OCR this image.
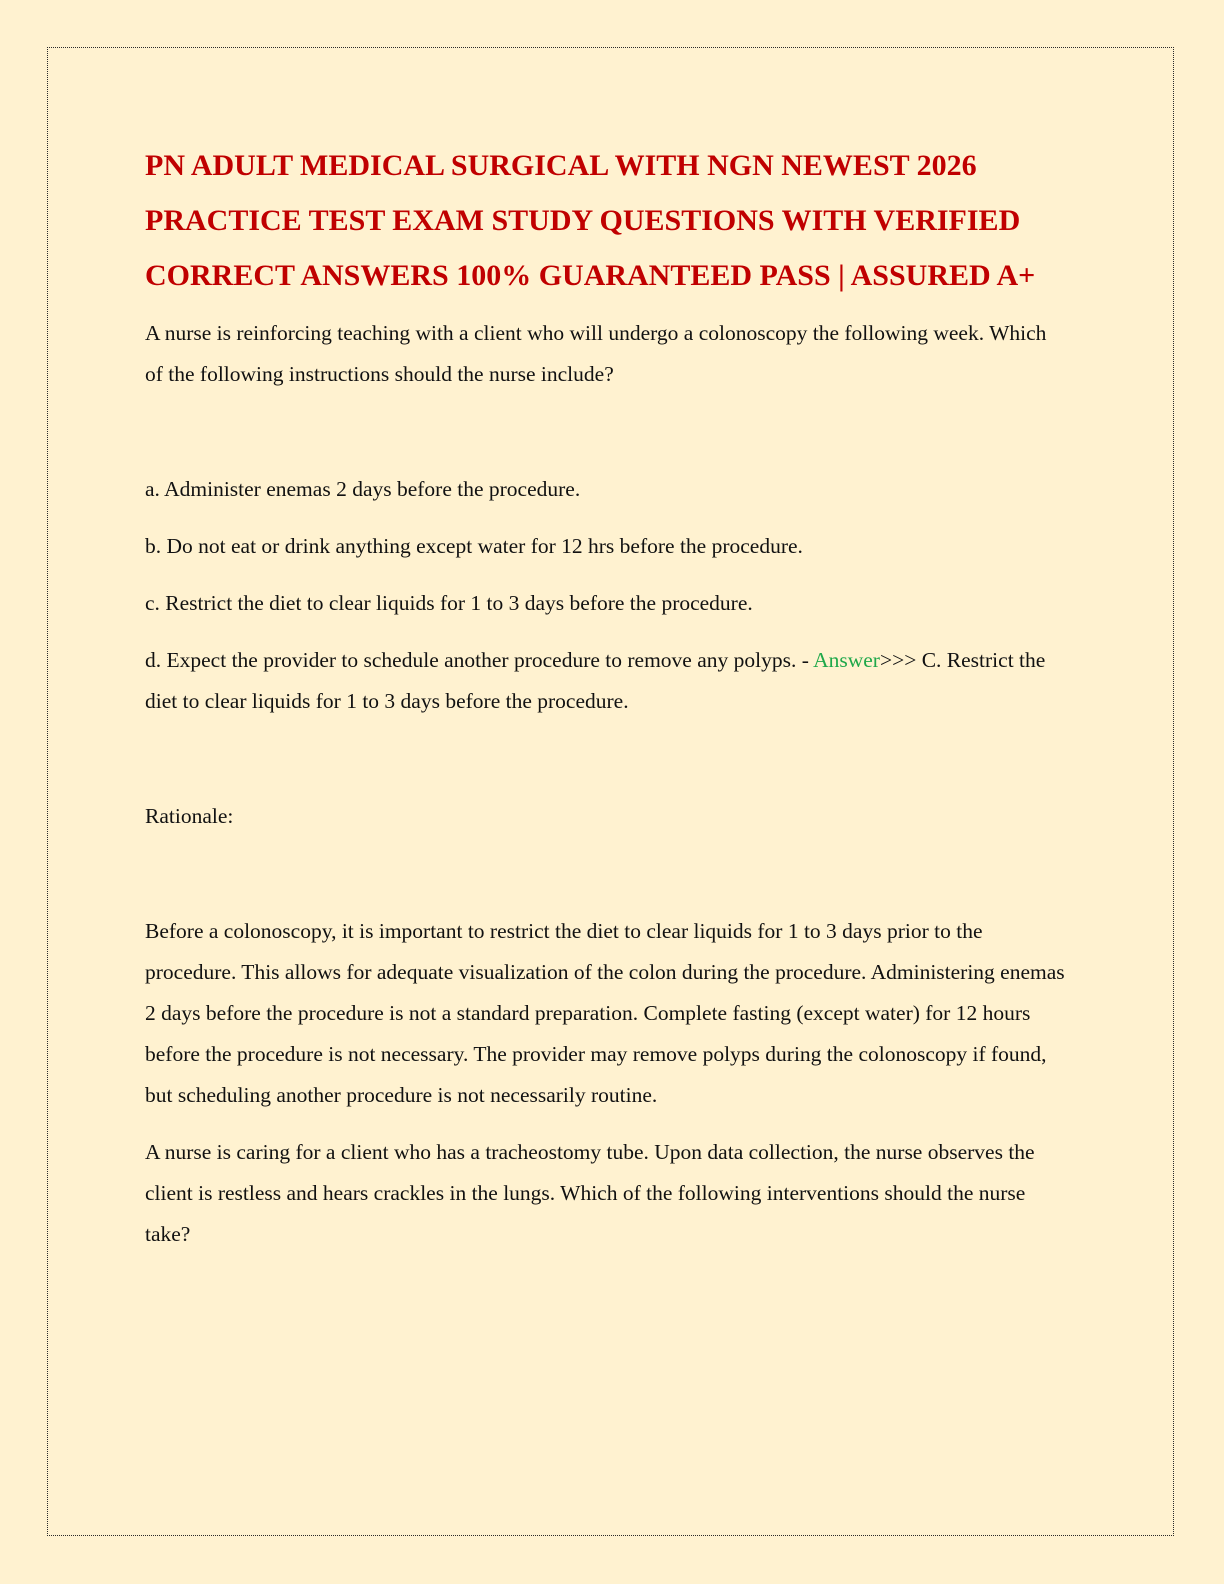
PN ADULT MEDICAL SURGICAL WITH NGN NEWEST 2026 PRACTICE TEST EXAM STUDY QUESTIONS WITH VERIFIED CORRECT ANSWERS 100% GUARANTEED PASS | ASSURED A+

A nurse is reinforcing teaching with a client who will undergo a colonoscopy the following week. Which of the following instructions should the nurse include?

a. Administer enemas 2 days before the procedure.

b. Do not eat or drink anything except water for 12 hrs before the procedure.

c. Restrict the diet to clear liquids for 1 to 3 days before the procedure.

d. Expect the provider to schedule another procedure to remove any polyps. - Answer>>> C. Restrict the diet to clear liquids for 1 to 3 days before the procedure.

Rationale:

Before a colonoscopy, it is important to restrict the diet to clear liquids for 1 to 3 days prior to the procedure. This allows for adequate visualization of the colon during the procedure. Administering enemas 2 days before the procedure is not a standard preparation. Complete fasting (except water) for 12 hours before the procedure is not necessary. The provider may remove polyps during the colonoscopy if found, but scheduling another procedure is not necessarily routine.

A nurse is caring for a client who has a tracheostomy tube. Upon data collection, the nurse observes the client is restless and hears crackles in the lungs. Which of the following interventions should the nurse take?
